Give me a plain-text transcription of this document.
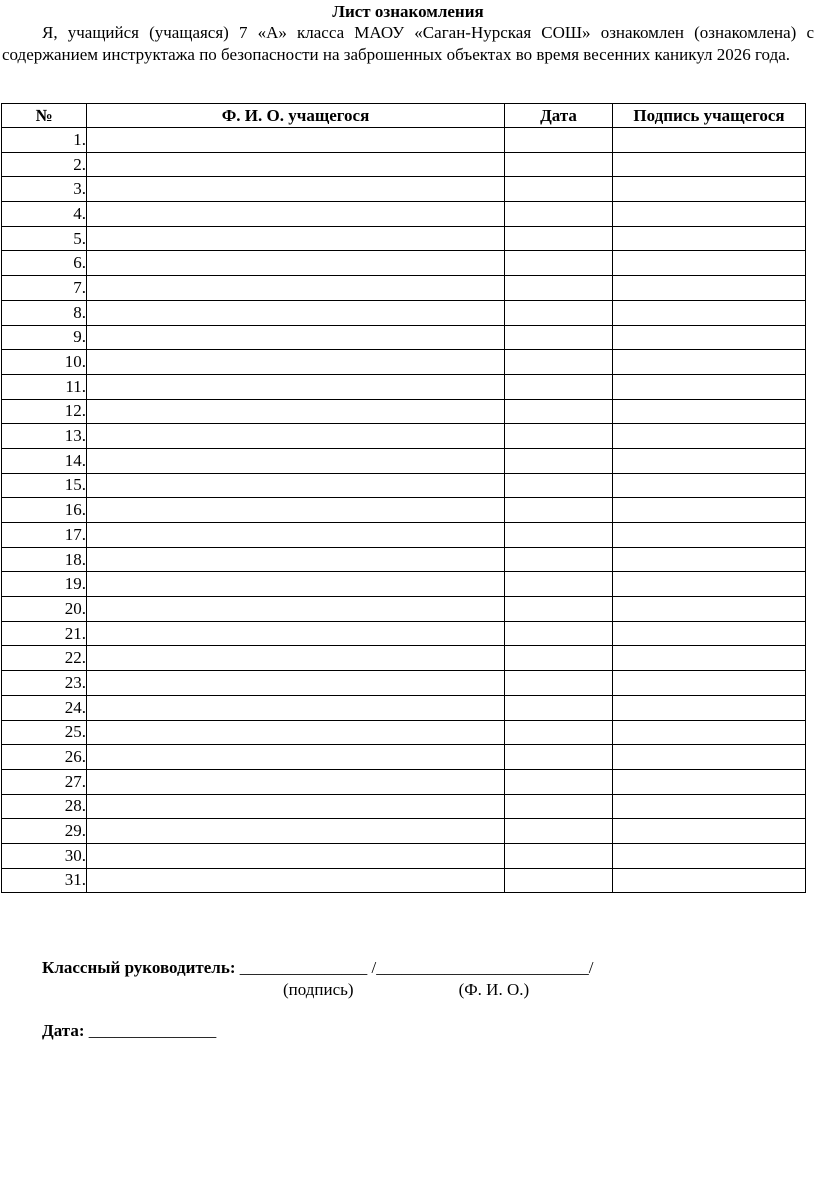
Лист ознакомления
Я, учащийся (учащаяся) 7 «А» класса МАОУ «Саган-Нурская СОШ» ознакомлен (ознакомлена) с содержанием инструктажа по безопасности на заброшенных объектах во время весенних каникул 2026 года.
№	Ф. И. О. учащегося	Дата	Подпись учащегося
1.			
2.			
3.			
4.			
5.			
6.			
7.			
8.			
9.			
10.			
11.			
12.			
13.			
14.			
15.			
16.			
17.			
18.			
19.			
20.			
21.			
22.			
23.			
24.			
25.			
26.			
27.			
28.			
29.			
30.			
31.			
Классный руководитель: _______________ /_________________________/
(подпись)	(Ф. И. О.)
Дата: _______________
